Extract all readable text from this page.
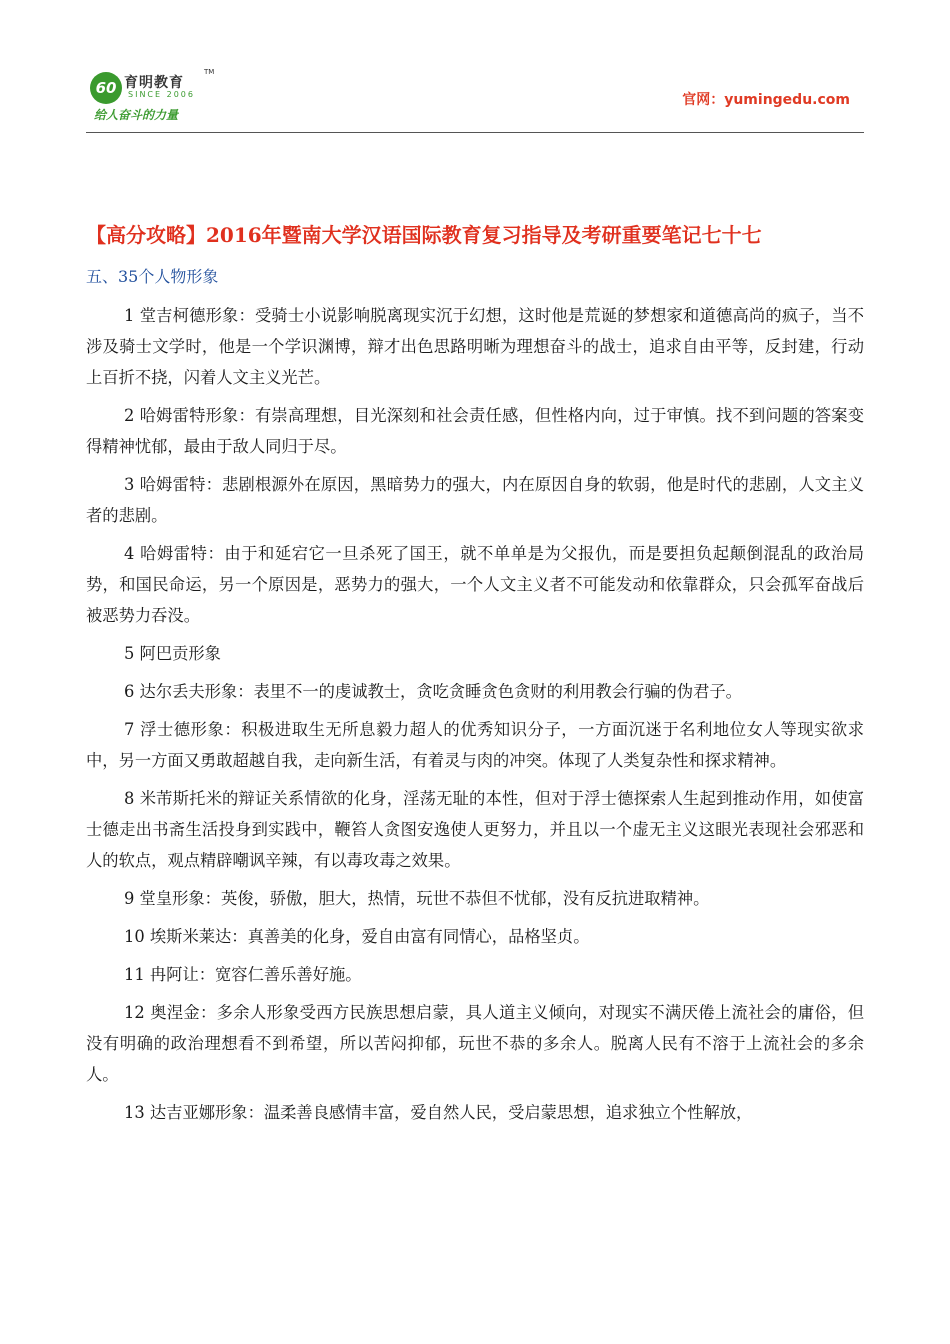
60 育明教育
TM
SINCE 2006
给人奋斗的力量
官网：yumingedu.com
【高分攻略】2016年暨南大学汉语国际教育复习指导及考研重要笔记七十七
五、35个人物形象

1 堂吉柯德形象：受骑士小说影响脱离现实沉于幻想，这时他是荒诞的梦想家和道德高尚的疯子，当不涉及骑士文学时，他是一个学识渊博，辩才出色思路明晰为理想奋斗的战士，追求自由平等，反封建，行动上百折不挠，闪着人文主义光芒。

2 哈姆雷特形象：有崇高理想，目光深刻和社会责任感，但性格内向，过于审慎。找不到问题的答案变得精神忧郁，最由于敌人同归于尽。

3 哈姆雷特：悲剧根源外在原因，黑暗势力的强大，内在原因自身的软弱，他是时代的悲剧，人文主义者的悲剧。

4 哈姆雷特：由于和延宕它一旦杀死了国王，就不单单是为父报仇，而是要担负起颠倒混乱的政治局势，和国民命运，另一个原因是，恶势力的强大，一个人文主义者不可能发动和依靠群众，只会孤军奋战后被恶势力吞没。

5 阿巴贡形象

6 达尔丢夫形象：表里不一的虔诚教士，贪吃贪睡贪色贪财的利用教会行骗的伪君子。

7 浮士德形象：积极进取生无所息毅力超人的优秀知识分子，一方面沉迷于名利地位女人等现实欲求中，另一方面又勇敢超越自我，走向新生活，有着灵与肉的冲突。体现了人类复杂性和探求精神。

8 米芾斯托米的辩证关系情欲的化身，淫荡无耻的本性，但对于浮士德探索人生起到推动作用，如使富士德走出书斋生活投身到实践中，鞭笞人贪图安逸使人更努力，并且以一个虚无主义这眼光表现社会邪恶和人的软点，观点精辟嘲讽辛辣，有以毒攻毒之效果。

9 堂皇形象：英俊，骄傲，胆大，热情，玩世不恭但不忧郁，没有反抗进取精神。

10 埃斯米莱达：真善美的化身，爱自由富有同情心，品格坚贞。

11 冉阿让：宽容仁善乐善好施。

12 奥涅金：多余人形象受西方民族思想启蒙，具人道主义倾向，对现实不满厌倦上流社会的庸俗，但没有明确的政治理想看不到希望，所以苦闷抑郁，玩世不恭的多余人。脱离人民有不溶于上流社会的多余人。

13 达吉亚娜形象：温柔善良感情丰富，爱自然人民，受启蒙思想，追求独立个性解放，
